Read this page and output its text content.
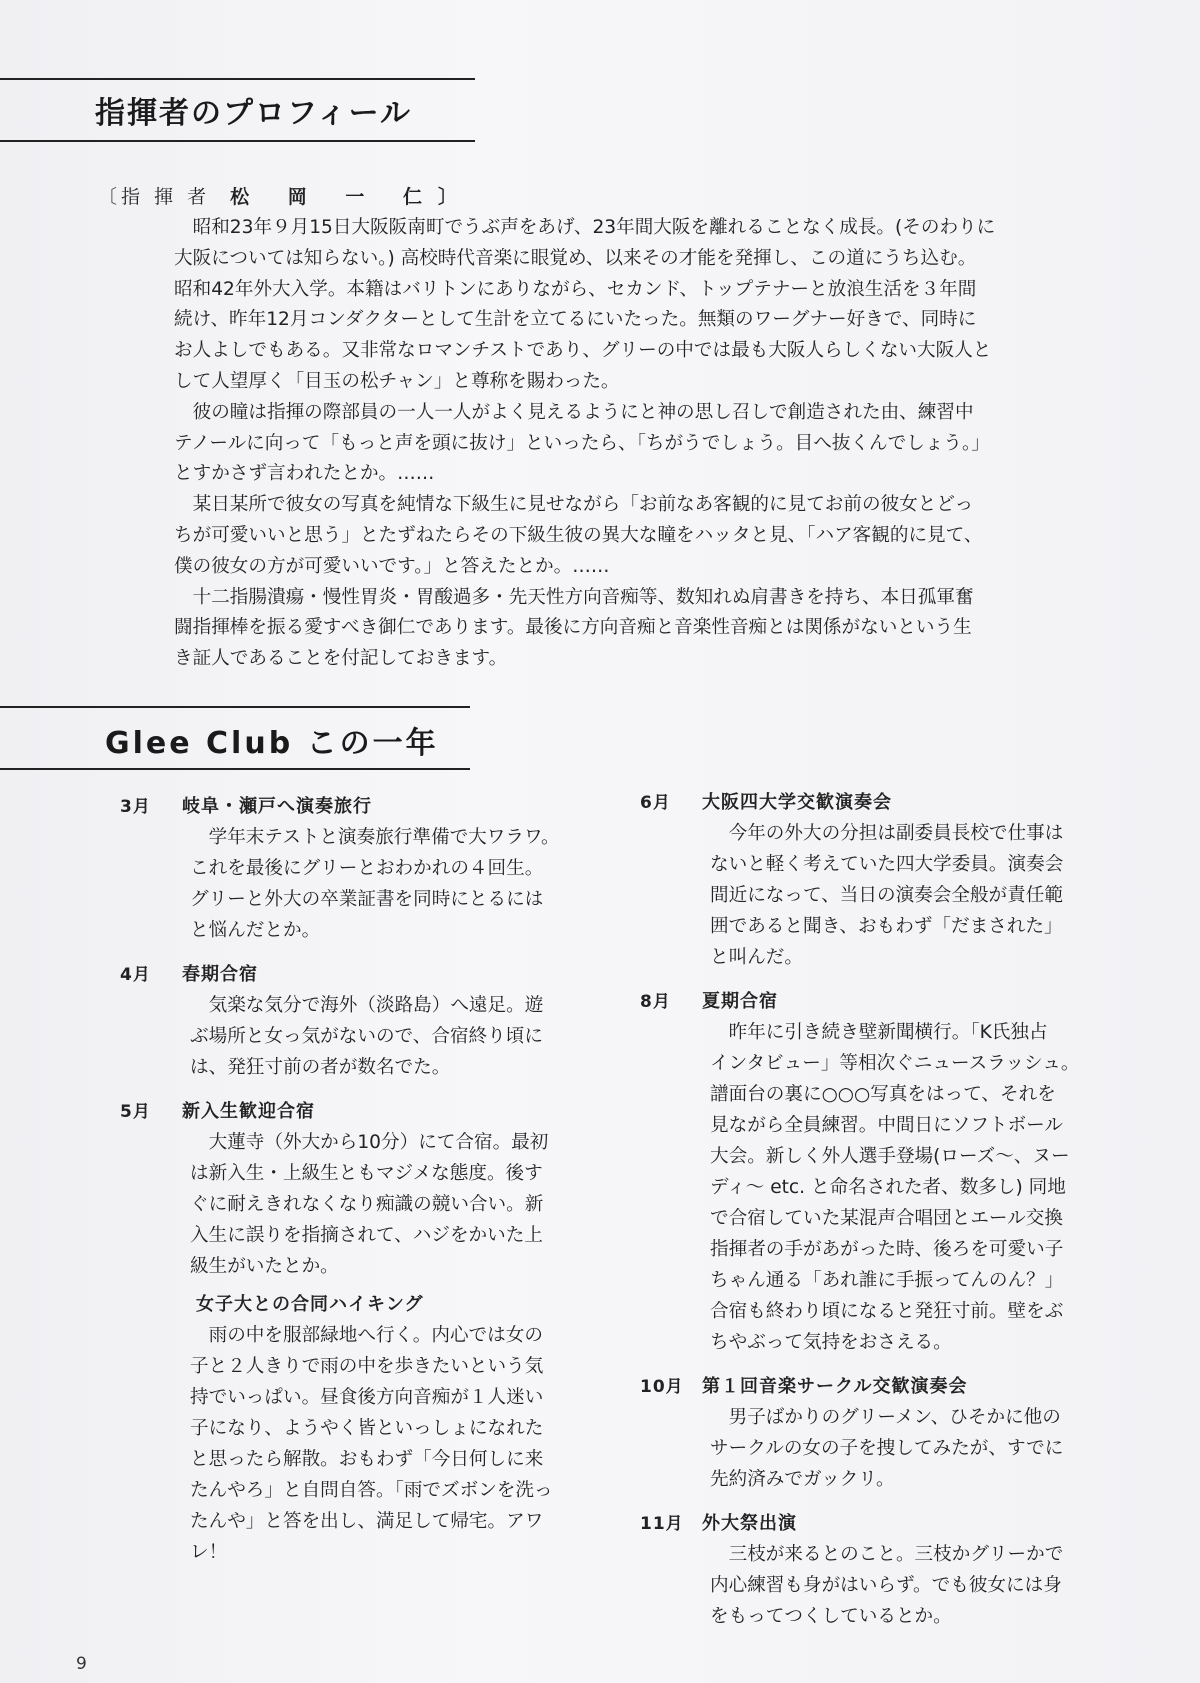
指揮者のプロフィール
〔指 揮 者 松 岡 一 仁〕

　昭和23年９月15日大阪阪南町でうぶ声をあげ、23年間大阪を離れることなく成長。(そのわりに

大阪については知らない。) 高校時代音楽に眼覚め、以来その才能を発揮し、この道にうち込む。

昭和42年外大入学。本籍はバリトンにありながら、セカンド、トップテナーと放浪生活を３年間

続け、昨年12月コンダクターとして生計を立てるにいたった。無類のワーグナー好きで、同時に

お人よしでもある。又非常なロマンチストであり、グリーの中では最も大阪人らしくない大阪人と

して人望厚く「目玉の松チャン」と尊称を賜わった。

　彼の瞳は指揮の際部員の一人一人がよく見えるようにと神の思し召しで創造された由、練習中

テノールに向って「もっと声を頭に抜け」といったら、「ちがうでしょう。目へ抜くんでしょう。」

とすかさず言われたとか。……

　某日某所で彼女の写真を純情な下級生に見せながら「お前なあ客観的に見てお前の彼女とどっ

ちが可愛いいと思う」とたずねたらその下級生彼の異大な瞳をハッタと見、「ハア客観的に見て、

僕の彼女の方が可愛いいです。」と答えたとか。……

　十二指腸潰瘍・慢性胃炎・胃酸過多・先天性方向音痴等、数知れぬ肩書きを持ち、本日孤軍奮

闘指揮棒を振る愛すべき御仁であります。最後に方向音痴と音楽性音痴とは関係がないという生

き証人であることを付記しておきます。

Glee Club この一年
3月	岐阜・瀬戸へ演奏旅行

　学年末テストと演奏旅行準備で大ワラワ。

これを最後にグリーとおわかれの４回生。

グリーと外大の卒業証書を同時にとるには

と悩んだとか。

4月	春期合宿

　気楽な気分で海外（淡路島）へ遠足。遊

ぶ場所と女っ気がないので、合宿終り頃に

は、発狂寸前の者が数名でた。

5月	新入生歓迎合宿

　大蓮寺（外大から10分）にて合宿。最初

は新入生・上級生ともマジメな態度。後す

ぐに耐えきれなくなり痴識の競い合い。新

入生に誤りを指摘されて、ハジをかいた上

級生がいたとか。

女子大との合同ハイキング

　雨の中を服部緑地へ行く。内心では女の

子と２人きりで雨の中を歩きたいという気

持でいっぱい。昼食後方向音痴が１人迷い

子になり、ようやく皆といっしょになれた

と思ったら解散。おもわず「今日何しに来

たんやろ」と自問自答。「雨でズボンを洗っ

たんや」と答を出し、満足して帰宅。アワ

レ！

6月	大阪四大学交歓演奏会

　今年の外大の分担は副委員長校で仕事は

ないと軽く考えていた四大学委員。演奏会

間近になって、当日の演奏会全般が責任範

囲であると聞き、おもわず「だまされた」

と叫んだ。

8月	夏期合宿

　昨年に引き続き壁新聞横行。「K氏独占

インタビュー」等相次ぐニュースラッシュ。

譜面台の裏に○○○写真をはって、それを

見ながら全員練習。中間日にソフトボール

大会。新しく外人選手登場(ローズ～、ヌー

ディ～ etc. と命名された者、数多し) 同地

で合宿していた某混声合唱団とエール交換

指揮者の手があがった時、後ろを可愛い子

ちゃん通る「あれ誰に手振ってんのん？」

合宿も終わり頃になると発狂寸前。壁をぶ

ちやぶって気持をおさえる。

10月	第１回音楽サークル交歓演奏会

　男子ばかりのグリーメン、ひそかに他の

サークルの女の子を捜してみたが、すでに

先約済みでガックリ。

11月	外大祭出演

　三枝が来るとのこと。三枝かグリーかで

内心練習も身がはいらず。でも彼女には身

をもってつくしているとか。

9
